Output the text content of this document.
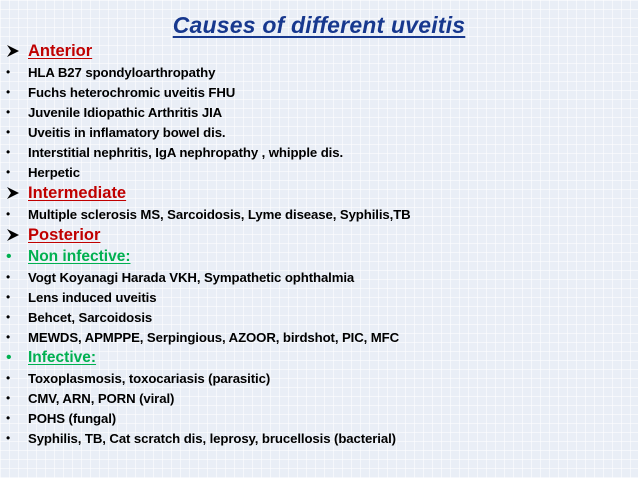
Causes of different uveitis
Anterior
•	HLA B27 spondyloarthropathy
•	Fuchs heterochromic uveitis FHU
•	Juvenile Idiopathic Arthritis JIA
•	Uveitis in inflamatory bowel dis.
•	Interstitial nephritis, IgA nephropathy , whipple dis.
•	Herpetic
Intermediate
•	Multiple sclerosis MS, Sarcoidosis, Lyme disease, Syphilis,TB
Posterior
•	Non infective:
•	Vogt Koyanagi Harada VKH, Sympathetic ophthalmia
•	Lens induced uveitis
•	Behcet, Sarcoidosis
•	MEWDS, APMPPE, Serpingious, AZOOR, birdshot, PIC, MFC
•	Infective:
•	Toxoplasmosis, toxocariasis (parasitic)
•	CMV, ARN, PORN (viral)
•	POHS (fungal)
•	Syphilis, TB, Cat scratch dis, leprosy, brucellosis (bacterial)
